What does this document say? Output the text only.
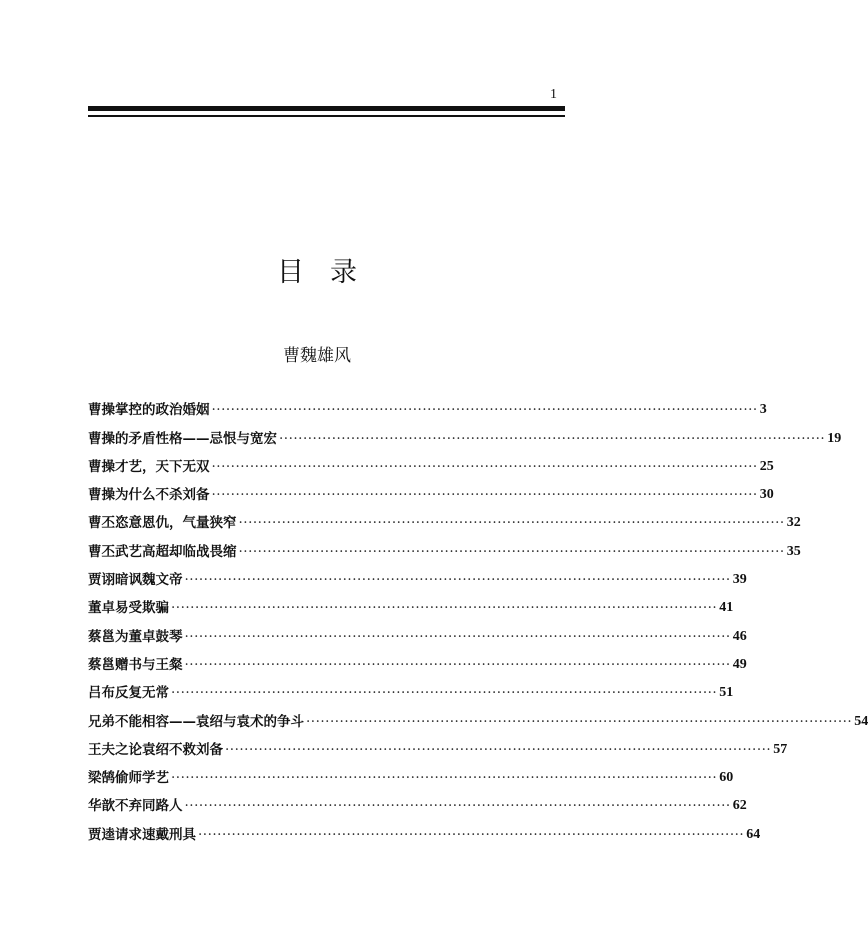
1
目录
曹魏雄风
曹操掌控的政治婚姻 ·················································································································· 3
曹操的矛盾性格——忌恨与宽宏 ·················································································································· 19
曹操才艺，天下无双 ·················································································································· 25
曹操为什么不杀刘备 ·················································································································· 30
曹丕恣意恩仇，气量狭窄 ·················································································································· 32
曹丕武艺高超却临战畏缩 ·················································································································· 35
贾诩暗讽魏文帝 ·················································································································· 39
董卓易受欺骗 ·················································································································· 41
蔡邕为董卓鼓琴 ·················································································································· 46
蔡邕赠书与王粲 ·················································································································· 49
吕布反复无常 ·················································································································· 51
兄弟不能相容——袁绍与袁术的争斗 ·················································································································· 54
王夫之论袁绍不救刘备 ·················································································································· 57
梁鹄偷师学艺 ·················································································································· 60
华歆不弃同路人 ·················································································································· 62
贾逵请求速戴刑具 ·················································································································· 64
